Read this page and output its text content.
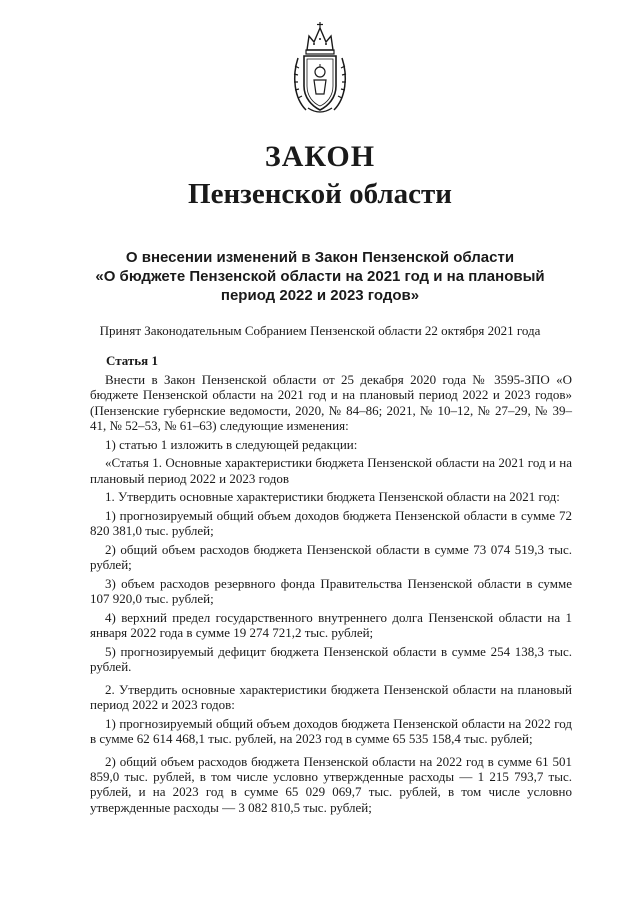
ЗАКОН
Пензенской области
О внесении изменений в Закон Пензенской области
«О бюджете Пензенской области на 2021 год и на плановый
период 2022 и 2023 годов»
Принят Законодательным Собранием Пензенской области 22 октября 2021 года
Статья 1

Внести в Закон Пензенской области от 25 декабря 2020 года № 3595-ЗПО «О бюджете Пензенской области на 2021 год и на плановый период 2022 и 2023 годов» (Пензенские губернские ведомости, 2020, № 84–86; 2021, № 10–12, № 27–29, № 39–41, № 52–53, № 61–63) следующие изменения:

1) статью 1 изложить в следующей редакции:

«Статья 1. Основные характеристики бюджета Пензенской области на 2021 год и на плановый период 2022 и 2023 годов

1. Утвердить основные характеристики бюджета Пензенской области на 2021 год:

1) прогнозируемый общий объем доходов бюджета Пензенской области в сумме 72 820 381,0 тыс. рублей;

2) общий объем расходов бюджета Пензенской области в сумме 73 074 519,3 тыс. рублей;

3) объем расходов резервного фонда Правительства Пензенской области в сумме 107 920,0 тыс. рублей;

4) верхний предел государственного внутреннего долга Пензенской области на 1 января 2022 года в сумме 19 274 721,2 тыс. рублей;

5) прогнозируемый дефицит бюджета Пензенской области в сумме 254 138,3 тыс. рублей.

2. Утвердить основные характеристики бюджета Пензенской области на плановый период 2022 и 2023 годов:

1) прогнозируемый общий объем доходов бюджета Пензенской области на 2022 год в сумме 62 614 468,1 тыс. рублей, на 2023 год в сумме 65 535 158,4 тыс. рублей;

2) общий объем расходов бюджета Пензенской области на 2022 год в сумме 61 501 859,0 тыс. рублей, в том числе условно утвержденные расходы — 1 215 793,7 тыс. рублей, и на 2023 год в сумме 65 029 069,7 тыс. рублей, в том числе условно утвержденные расходы — 3 082 810,5 тыс. рублей;
